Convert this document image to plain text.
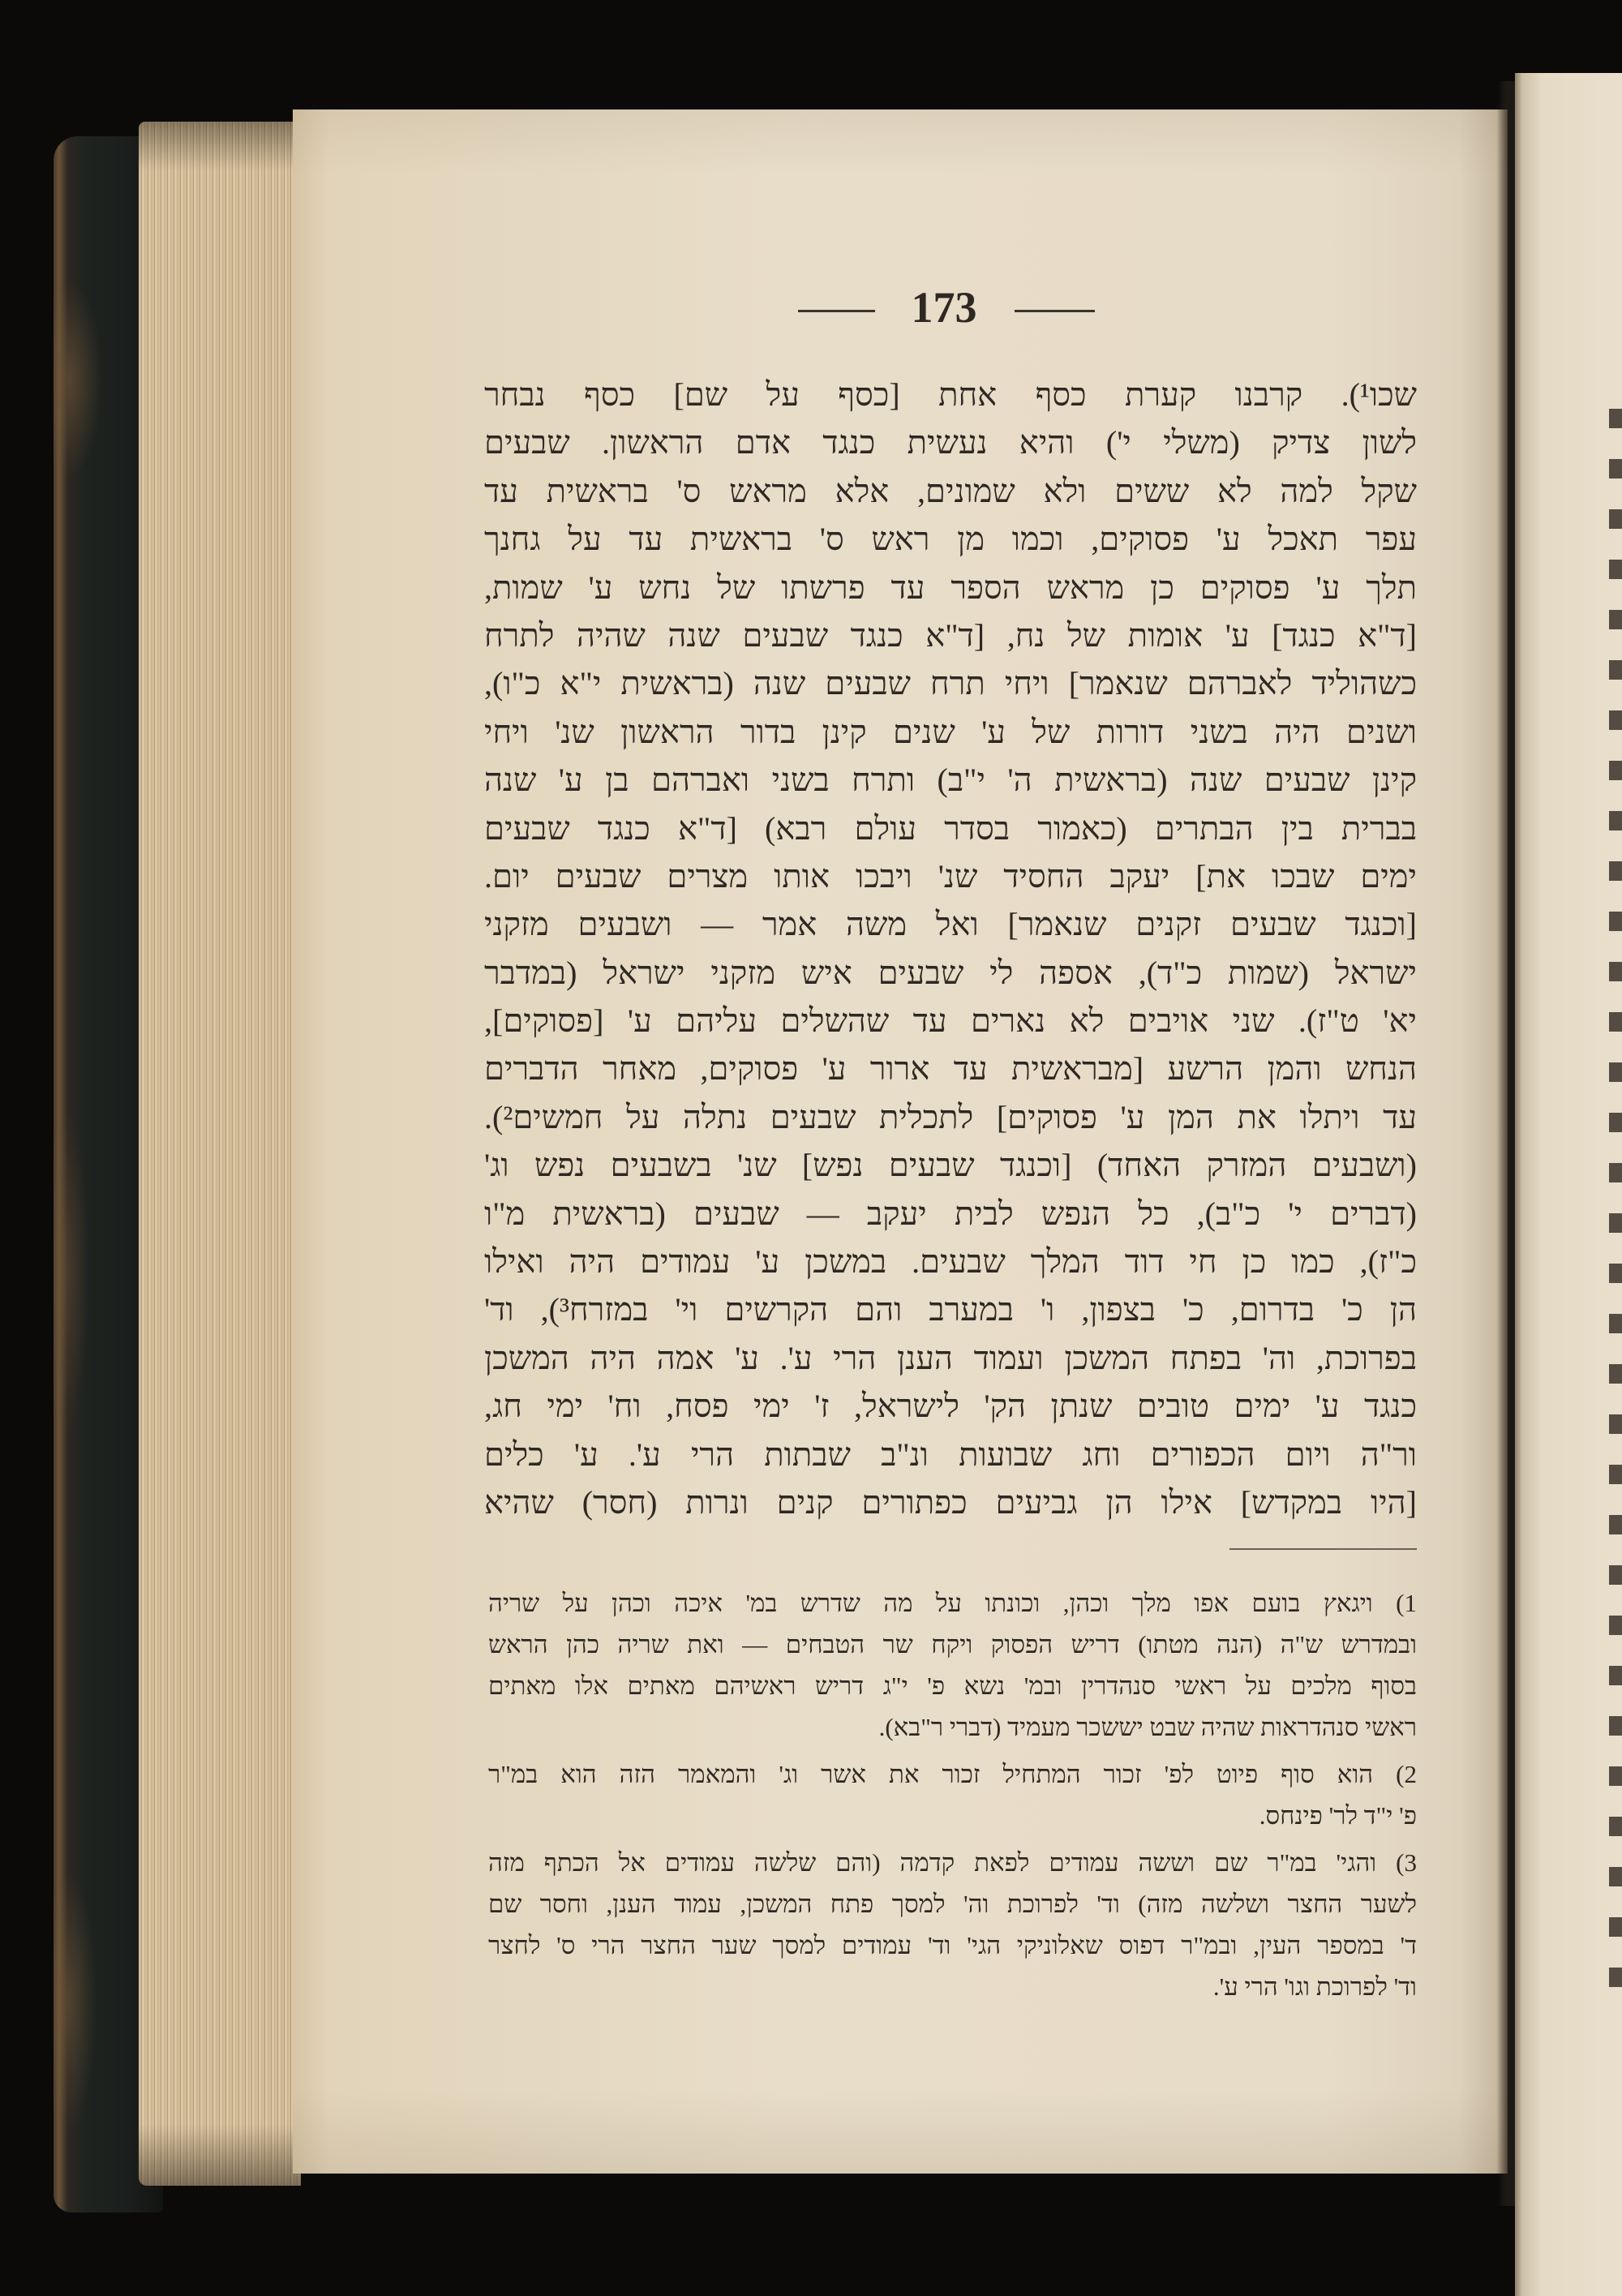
173
שכו¹). קרבנו קערת כסף אחת [כסף על שם] כסף נבחר
לשון צדיק (משלי י') והיא נעשית כנגד אדם הראשון. שבעים
שקל למה לא ששים ולא שמונים, אלא מראש ס' בראשית עד
עפר תאכל ע' פסוקים, וכמו מן ראש ס' בראשית עד על גחנך
תלך ע' פסוקים כן מראש הספר עד פרשתו של נחש ע' שמות,
[ד"א כנגד] ע' אומות של נח, [ד"א כנגד שבעים שנה שהיה לתרח
כשהוליד לאברהם שנאמר] ויחי תרח שבעים שנה (בראשית י"א כ"ו),
ושנים היה בשני דורות של ע' שנים קינן בדור הראשון שנ' ויחי
קינן שבעים שנה (בראשית ה' י"ב) ותרח בשני ואברהם בן ע' שנה
בברית בין הבתרים (כאמור בסדר עולם רבא) [ד"א כנגד שבעים
ימים שבכו את] יעקב החסיד שנ' ויבכו אותו מצרים שבעים יום.
[וכנגד שבעים זקנים שנאמר] ואל משה אמר — ושבעים מזקני
ישראל (שמות כ"ד), אספה לי שבעים איש מזקני ישראל (במדבר
יא' ט"ז). שני אויבים לא נארים עד שהשלים עליהם ע' [פסוקים],
הנחש והמן הרשע [מבראשית עד ארור ע' פסוקים, מאחר הדברים
עד ויתלו את המן ע' פסוקים] לתכלית שבעים נתלה על חמשים²).
(ושבעים המזרק האחד) [וכנגד שבעים נפש] שנ' בשבעים נפש וג'
(דברים י' כ"ב), כל הנפש לבית יעקב — שבעים (בראשית מ"ו
כ"ז), כמו כן חי דוד המלך שבעים. במשכן ע' עמודים היה ואילו
הן כ' בדרום, כ' בצפון, ו' במערב והם הקרשים וי' במזרח³), וד'
בפרוכת, וה' בפתח המשכן ועמוד הענן הרי ע'. ע' אמה היה המשכן
כנגד ע' ימים טובים שנתן הק' לישראל, ז' ימי פסח, וח' ימי חג,
ור"ה ויום הכפורים וחג שבועות ונ"ב שבתות הרי ע'. ע' כלים
[היו במקדש] אילו הן גביעים כפתורים קנים ונרות (חסר) שהיא
1) ויגאץ בועם אפו מלך וכהן, וכונתו על מה שדרש במ' איכה וכהן על שריה
ובמדרש ש"ה (הנה מטתו) דריש הפסוק ויקח שר הטבחים — ואת שריה כהן הראש
בסוף מלכים על ראשי סנהדרין ובמ' נשא פ' י"ג דריש ראשיהם מאתים אלו מאתים
ראשי סנהדראות שהיה שבט יששכר מעמיד (דברי ר"בא).
2) הוא סוף פיוט לפ' זכור המתחיל זכור את אשר וג' והמאמר הזה הוא במ"ר
פ' י"ד לר' פינחס.
3) והגי' במ"ר שם וששה עמודים לפאת קדמה (והם שלשה עמודים אל הכתף מזה
לשער החצר ושלשה מזה) וד' לפרוכת וה' למסך פתח המשכן, עמוד הענן, וחסר שם
ד' במספר העין, ובמ"ר דפוס שאלוניקי הגי' וד' עמודים למסך שער החצר הרי ס' לחצר
וד' לפרוכת וגו' הרי ע'.
